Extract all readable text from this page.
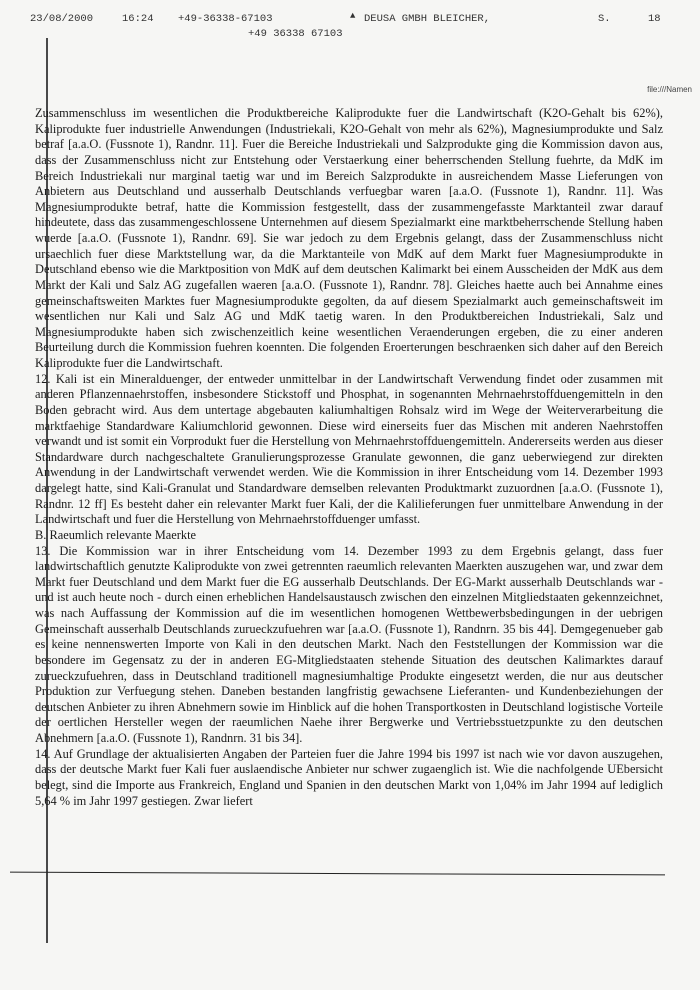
23/08/2000	16:24 +49-36338-67103	▲ DEUSA GMBH BLEICHER,	S.	18
+49 36338 67103
file:///Namen

Zusammenschluss im wesentlichen die Produktbereiche Kaliprodukte fuer die Landwirtschaft (K2O-Gehalt bis 62%), Kaliprodukte fuer industrielle Anwendungen (Industriekali, K2O-Gehalt von mehr als 62%), Magnesiumprodukte und Salz betraf [a.a.O. (Fussnote 1), Randnr. 11]. Fuer die Bereiche Industriekali und Salzprodukte ging die Kommission davon aus, dass der Zusammenschluss nicht zur Entstehung oder Verstaerkung einer beherrschenden Stellung fuehrte, da MdK im Bereich Industriekali nur marginal taetig war und im Bereich Salzprodukte in ausreichendem Masse Lieferungen von Anbietern aus Deutschland und ausserhalb Deutschlands verfuegbar waren [a.a.O. (Fussnote 1), Randnr. 11]. Was Magnesiumprodukte betraf, hatte die Kommission festgestellt, dass der zusammengefasste Marktanteil zwar darauf hindeutete, dass das zusammengeschlossene Unternehmen auf diesem Spezialmarkt eine marktbeherrschende Stellung haben wuerde [a.a.O. (Fussnote 1), Randnr. 69]. Sie war jedoch zu dem Ergebnis gelangt, dass der Zusammenschluss nicht ursaechlich fuer diese Marktstellung war, da die Marktanteile von MdK auf dem Markt fuer Magnesiumprodukte in Deutschland ebenso wie die Marktposition von MdK auf dem deutschen Kalimarkt bei einem Ausscheiden der MdK aus dem Markt der Kali und Salz AG zugefallen waeren [a.a.O. (Fussnote 1), Randnr. 78]. Gleiches haette auch bei Annahme eines gemeinschaftsweiten Marktes fuer Magnesiumprodukte gegolten, da auf diesem Spezialmarkt auch gemeinschaftsweit im wesentlichen nur Kali und Salz AG und MdK taetig waren. In den Produktbereichen Industriekali, Salz und Magnesiumprodukte haben sich zwischenzeitlich keine wesentlichen Veraenderungen ergeben, die zu einer anderen Beurteilung durch die Kommission fuehren koennten. Die folgenden Eroerterungen beschraenken sich daher auf den Bereich Kaliprodukte fuer die Landwirtschaft.

12. Kali ist ein Mineralduenger, der entweder unmittelbar in der Landwirtschaft Verwendung findet oder zusammen mit anderen Pflanzennaehrstoffen, insbesondere Stickstoff und Phosphat, in sogenannten Mehrnaehrstoffduengemitteln in den Boden gebracht wird. Aus dem untertage abgebauten kaliumhaltigen Rohsalz wird im Wege der Weiterverarbeitung die marktfaehige Standardware Kaliumchlorid gewonnen. Diese wird einerseits fuer das Mischen mit anderen Naehrstoffen verwandt und ist somit ein Vorprodukt fuer die Herstellung von Mehrnaehrstoffduengemitteln. Andererseits werden aus dieser Standardware durch nachgeschaltete Granulierungsprozesse Granulate gewonnen, die ganz ueberwiegend zur direkten Anwendung in der Landwirtschaft verwendet werden. Wie die Kommission in ihrer Entscheidung vom 14. Dezember 1993 dargelegt hatte, sind Kali-Granulat und Standardware demselben relevanten Produktmarkt zuzuordnen [a.a.O. (Fussnote 1), Randnr. 12 ff] Es besteht daher ein relevanter Markt fuer Kali, der die Kalilieferungen fuer unmittelbare Anwendung in der Landwirtschaft und fuer die Herstellung von Mehrnaehrstoffduenger umfasst.

B. Raeumlich relevante Maerkte

13. Die Kommission war in ihrer Entscheidung vom 14. Dezember 1993 zu dem Ergebnis gelangt, dass fuer landwirtschaftlich genutzte Kaliprodukte von zwei getrennten raeumlich relevanten Maerkten auszugehen war, und zwar dem Markt fuer Deutschland und dem Markt fuer die EG ausserhalb Deutschlands. Der EG-Markt ausserhalb Deutschlands war - und ist auch heute noch - durch einen erheblichen Handelsaustausch zwischen den einzelnen Mitgliedstaaten gekennzeichnet, was nach Auffassung der Kommission auf die im wesentlichen homogenen Wettbewerbsbedingungen in der uebrigen Gemeinschaft ausserhalb Deutschlands zurueckzufuehren war [a.a.O. (Fussnote 1), Randnrn. 35 bis 44]. Demgegenueber gab es keine nennenswerten Importe von Kali in den deutschen Markt. Nach den Feststellungen der Kommission war die besondere im Gegensatz zu der in anderen EG-Mitgliedstaaten stehende Situation des deutschen Kalimarktes darauf zurueckzufuehren, dass in Deutschland traditionell magnesiumhaltige Produkte eingesetzt werden, die nur aus deutscher Produktion zur Verfuegung stehen. Daneben bestanden langfristig gewachsene Lieferanten- und Kundenbeziehungen der deutschen Anbieter zu ihren Abnehmern sowie im Hinblick auf die hohen Transportkosten in Deutschland logistische Vorteile der oertlichen Hersteller wegen der raeumlichen Naehe ihrer Bergwerke und Vertriebsstuetzpunkte zu den deutschen Abnehmern [a.a.O. (Fussnote 1), Randnrn. 31 bis 34].

14. Auf Grundlage der aktualisierten Angaben der Parteien fuer die Jahre 1994 bis 1997 ist nach wie vor davon auszugehen, dass der deutsche Markt fuer Kali fuer auslaendische Anbieter nur schwer zugaenglich ist. Wie die nachfolgende UEbersicht belegt, sind die Importe aus Frankreich, England und Spanien in den deutschen Markt von 1,04% im Jahr 1994 auf lediglich 5,64 % im Jahr 1997 gestiegen. Zwar liefert
